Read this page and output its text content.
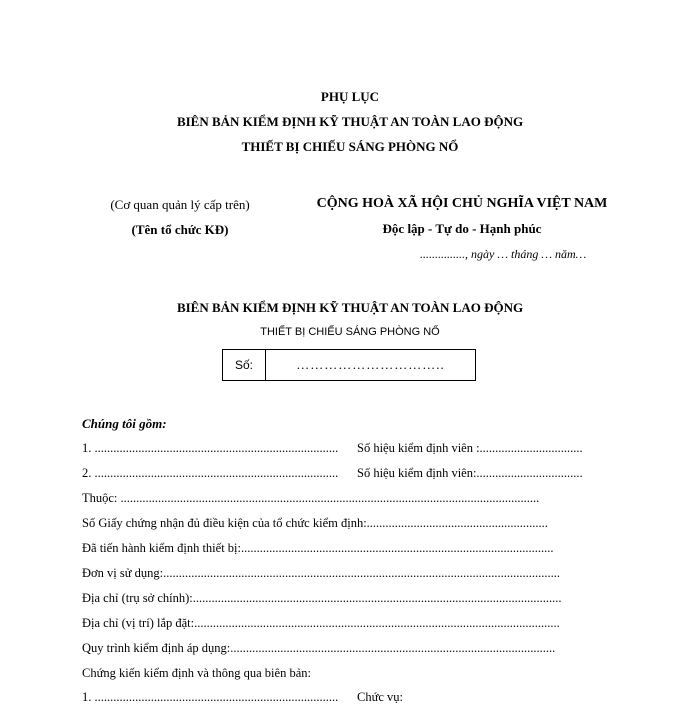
PHỤ LỤC
BIÊN BẢN KIỂM ĐỊNH KỸ THUẬT AN TOÀN LAO ĐỘNG
THIẾT BỊ CHIẾU SÁNG PHÒNG NỔ
(Cơ quan quản lý cấp trên)
(Tên tổ chức KĐ)
CỘNG HOÀ XÃ HỘI CHỦ NGHĨA VIỆT NAM
Độc lập - Tự do - Hạnh phúc
..............., ngày … tháng … năm…
BIÊN BẢN KIỂM ĐỊNH KỸ THUẬT AN TOÀN LAO ĐỘNG
THIẾT BỊ CHIẾU SÁNG PHÒNG NỔ
Số:	…………………………..
Chúng tôi gồm:
1. ..............................................................................	Số hiệu kiểm định viên :.................................
2. ..............................................................................	Số hiệu kiểm định viên:..................................
Thuộc: ......................................................................................................................................
Số Giấy chứng nhận đủ điều kiện của tổ chức kiểm định:..........................................................
Đã tiến hành kiểm định thiết bị:....................................................................................................
Đơn vị sử dụng:...............................................................................................................................
Địa chỉ (trụ sở chính):......................................................................................................................
Địa chỉ (vị trí) lắp đặt:.....................................................................................................................
Quy trình kiểm định áp dụng:........................................................................................................
Chứng kiến kiểm định và thông qua biên bản:
1. ..............................................................................	Chức vụ:
